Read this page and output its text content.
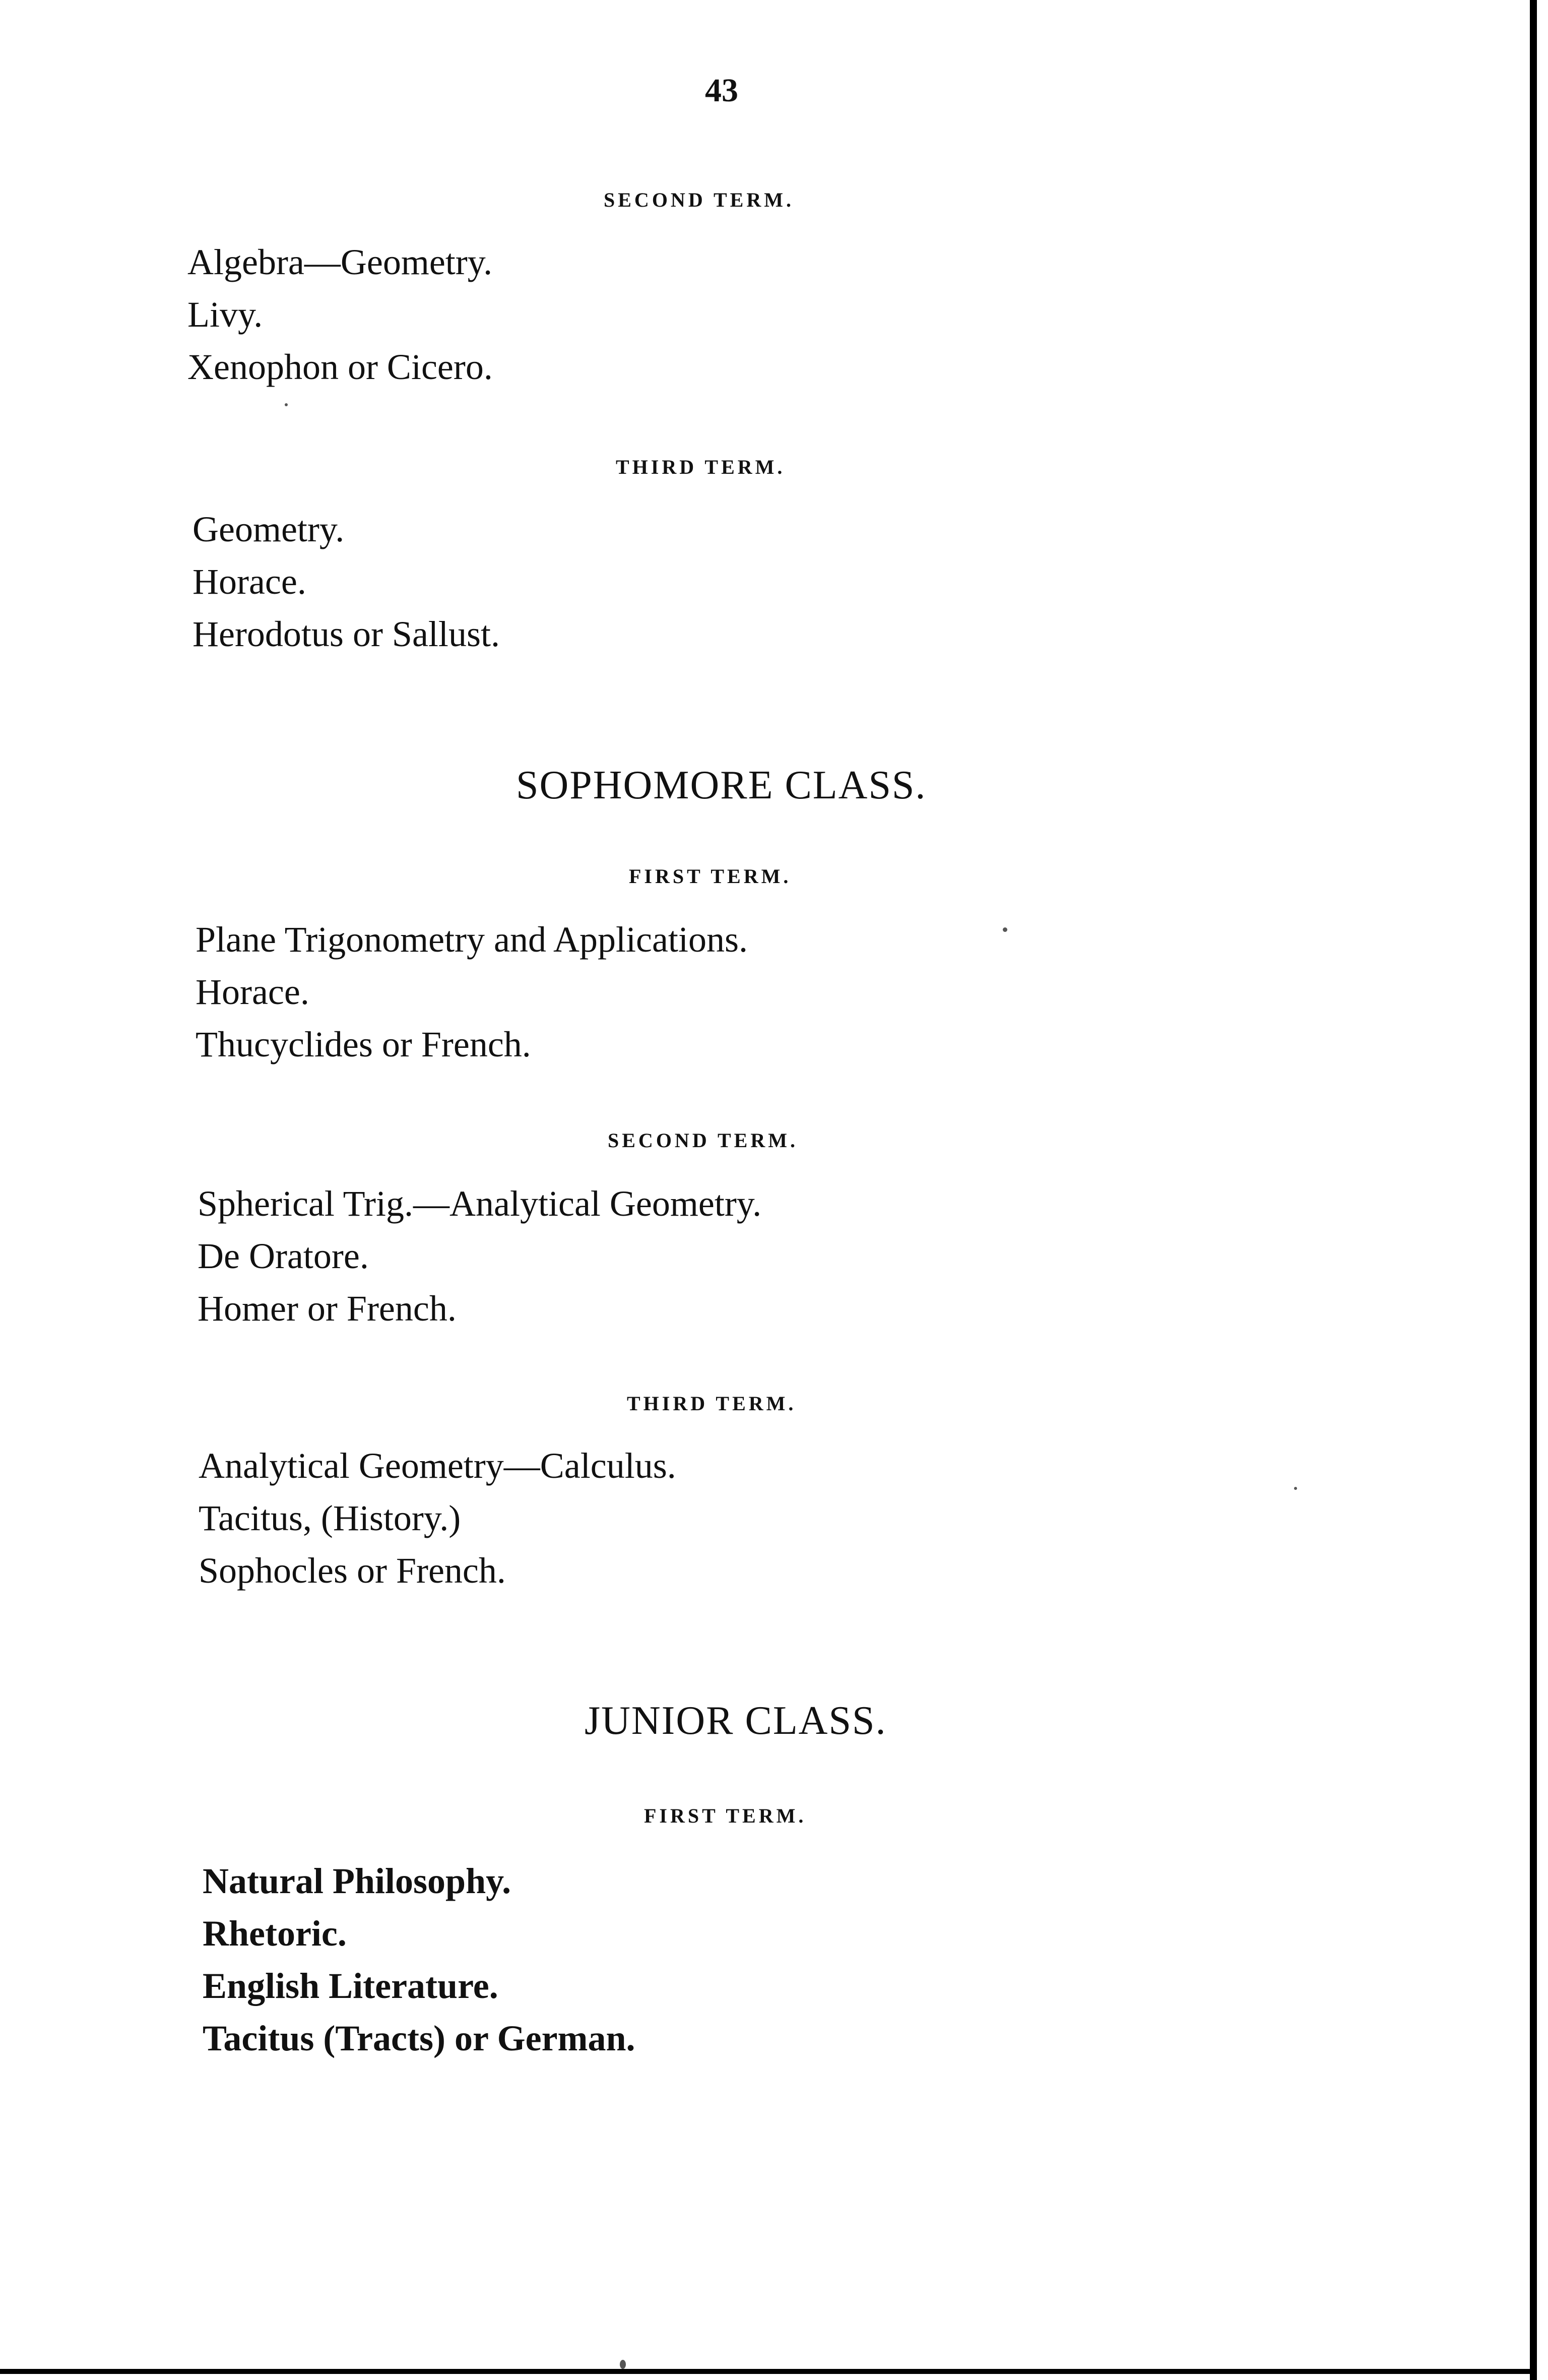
43
SECOND TERM.
Algebra—Geometry.
Livy.
Xenophon or Cicero.
THIRD TERM.
Geometry.
Horace.
Herodotus or Sallust.
SOPHOMORE CLASS.
FIRST TERM.
Plane Trigonometry and Applications.
Horace.
Thucyclides or French.
SECOND TERM.
Spherical Trig.—Analytical Geometry.
De Oratore.
Homer or French.
THIRD TERM.
Analytical Geometry—Calculus.
Tacitus, (History.)
Sophocles or French.
JUNIOR CLASS.
FIRST TERM.
Natural Philosophy.
Rhetoric.
English Literature.
Tacitus (Tracts) or German.
